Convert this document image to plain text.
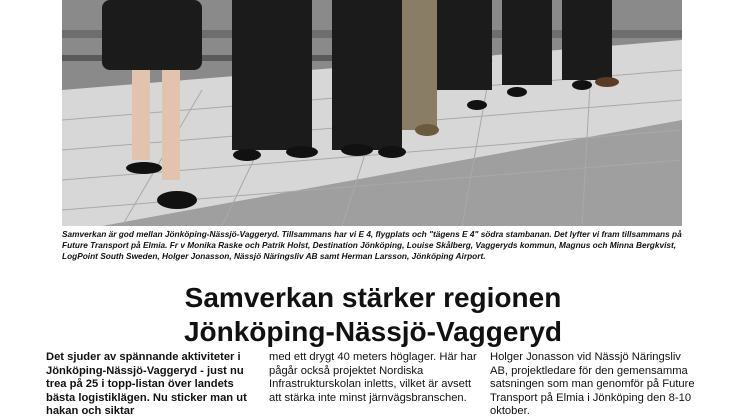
Samverkan är god mellan Jönköping-Nässjö-Vaggeryd. Tillsammans har vi E 4, flygplats och "tägens E 4" södra stambanan. Det lyfter vi fram tillsammans på Future Transport på Elmia. Fr v Monika Raske och Patrik Holst, Destination Jönköping, Louise Skålberg, Vaggeryds kommun, Magnus och Minna Bergkvist, LogPoint South Sweden, Holger Jonasson, Nässjö Näringsliv AB samt Herman Larsson, Jönköping Airport.

Samverkan stärker regionen
Jönköping-Nässjö-Vaggeryd

Det sjuder av spännande aktiviteter i Jönköping-Nässjö-Vaggeryd - just nu trea på 25 i topp-listan över landets bästa logistiklägen. Nu sticker man ut hakan och siktar

med ett drygt 40 meters höglager. Här har pågår också projektet Nordiska Infrastrukturskolan inletts, vilket är avsett att stärka inte minst järnvägsbranschen.

Holger Jonasson vid Nässjö Näringsliv AB, projektledare för den gemensamma satsningen som man genomför på Future Transport på Elmia i Jönköping den 8-10 oktober.
